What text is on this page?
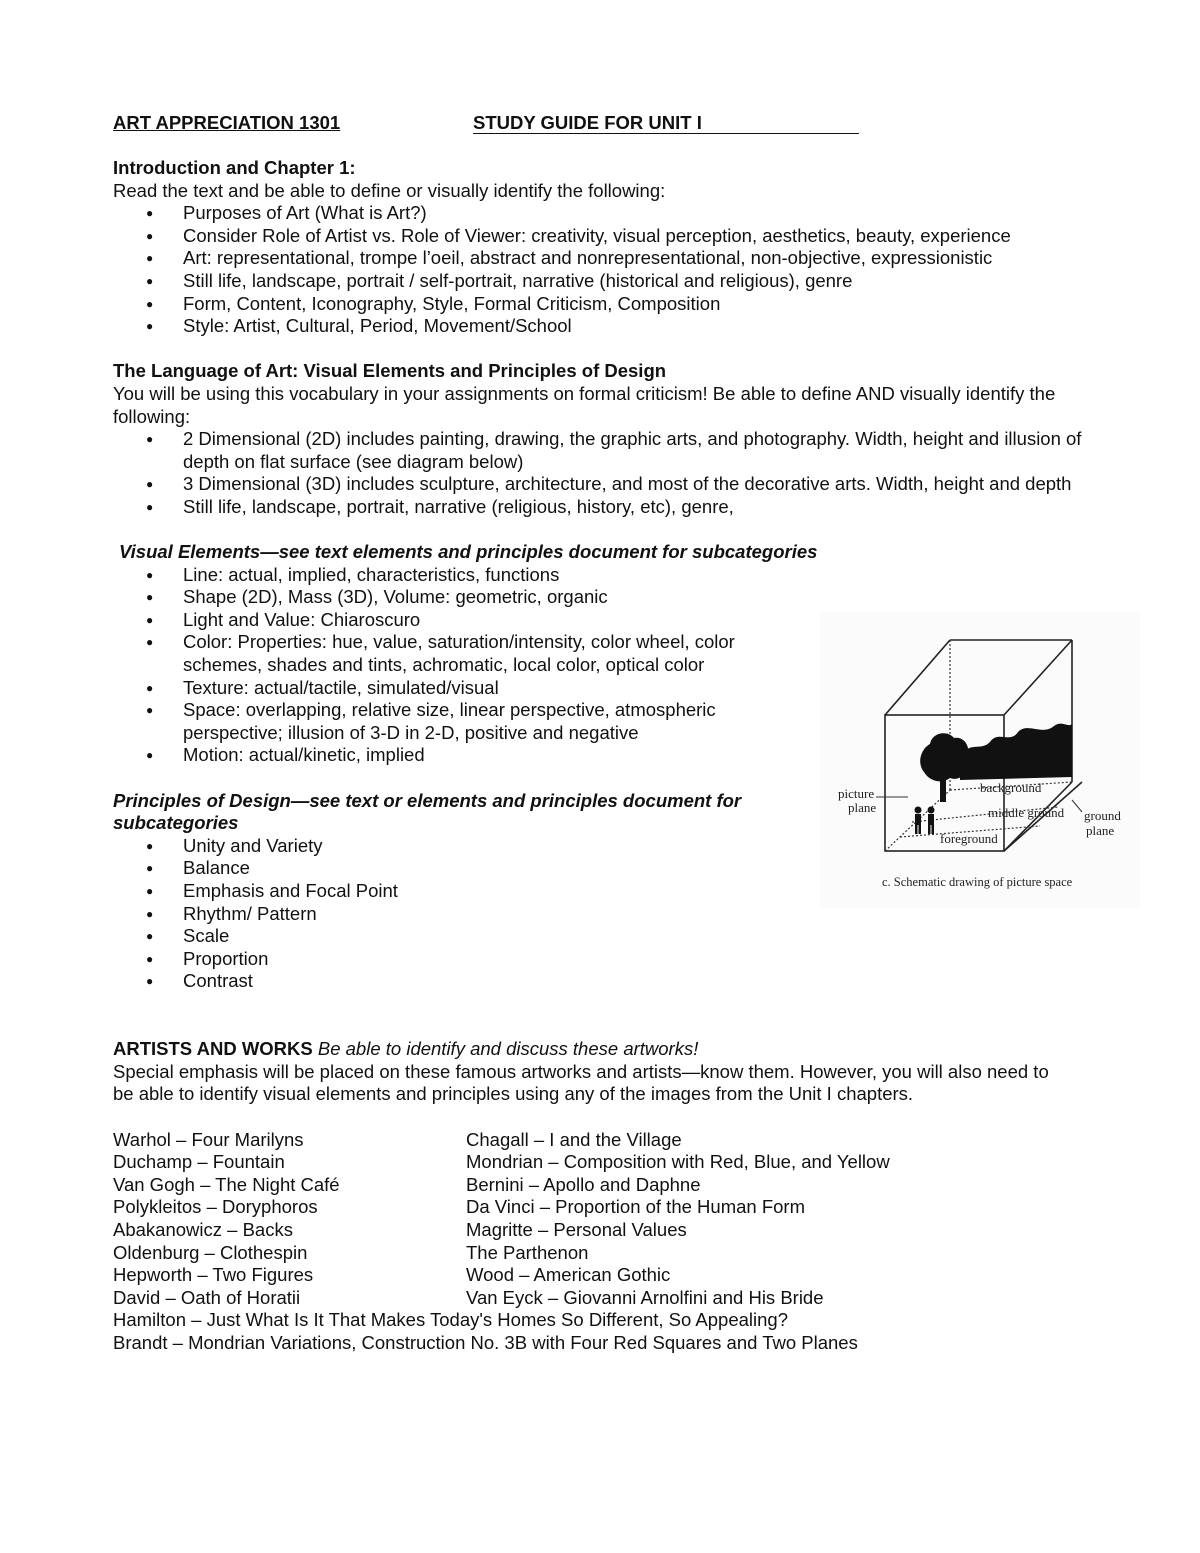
ART APPRECIATION 1301	STUDY GUIDE FOR UNIT I

Introduction and Chapter 1:

Read the text and be able to define or visually identify the following:

● Purposes of Art (What is Art?)
● Consider Role of Artist vs. Role of Viewer: creativity, visual perception, aesthetics, beauty, experience
● Art: representational, trompe l’oeil, abstract and nonrepresentational, non-objective, expressionistic
● Still life, landscape, portrait / self-portrait, narrative (historical and religious), genre
● Form, Content, Iconography, Style, Formal Criticism, Composition
● Style: Artist, Cultural, Period, Movement/School

The Language of Art: Visual Elements and Principles of Design

You will be using this vocabulary in your assignments on formal criticism! Be able to define AND visually identify the following:

● 2 Dimensional (2D) includes painting, drawing, the graphic arts, and photography. Width, height and illusion of depth on flat surface (see diagram below)
● 3 Dimensional (3D) includes sculpture, architecture, and most of the decorative arts. Width, height and depth
● Still life, landscape, portrait, narrative (religious, history, etc), genre,

Visual Elements—see text elements and principles document for subcategories

● Line: actual, implied, characteristics, functions
● Shape (2D), Mass (3D), Volume: geometric, organic
● Light and Value: Chiaroscuro
● Color: Properties: hue, value, saturation/intensity, color wheel, color schemes, shades and tints, achromatic, local color, optical color
● Texture: actual/tactile, simulated/visual
● Space: overlapping, relative size, linear perspective, atmospheric perspective; illusion of 3-D in 2-D, positive and negative
● Motion: actual/kinetic, implied

Principles of Design—see text or elements and principles document for subcategories

● Unity and Variety
● Balance
● Emphasis and Focal Point
● Rhythm/ Pattern
● Scale
● Proportion
● Contrast

ARTISTS AND WORKS Be able to identify and discuss these artworks!

Special emphasis will be placed on these famous artworks and artists—know them. However, you will also need to be able to identify visual elements and principles using any of the images from the Unit I chapters.

Warhol – Four Marilyns	Chagall – I and the Village
Duchamp – Fountain	Mondrian – Composition with Red, Blue, and Yellow
Van Gogh – The Night Café	Bernini – Apollo and Daphne
Polykleitos – Doryphoros	Da Vinci – Proportion of the Human Form
Abakanowicz – Backs	Magritte – Personal Values
Oldenburg – Clothespin	The Parthenon
Hepworth – Two Figures	Wood – American Gothic
David – Oath of Horatii	Van Eyck – Giovanni Arnolfini and His Bride
Hamilton – Just What Is It That Makes Today's Homes So Different, So Appealing?
Brandt – Mondrian Variations, Construction No. 3B with Four Red Squares and Two Planes
picture plane
background
middle ground
foreground
ground plane
c. Schematic drawing of picture space
